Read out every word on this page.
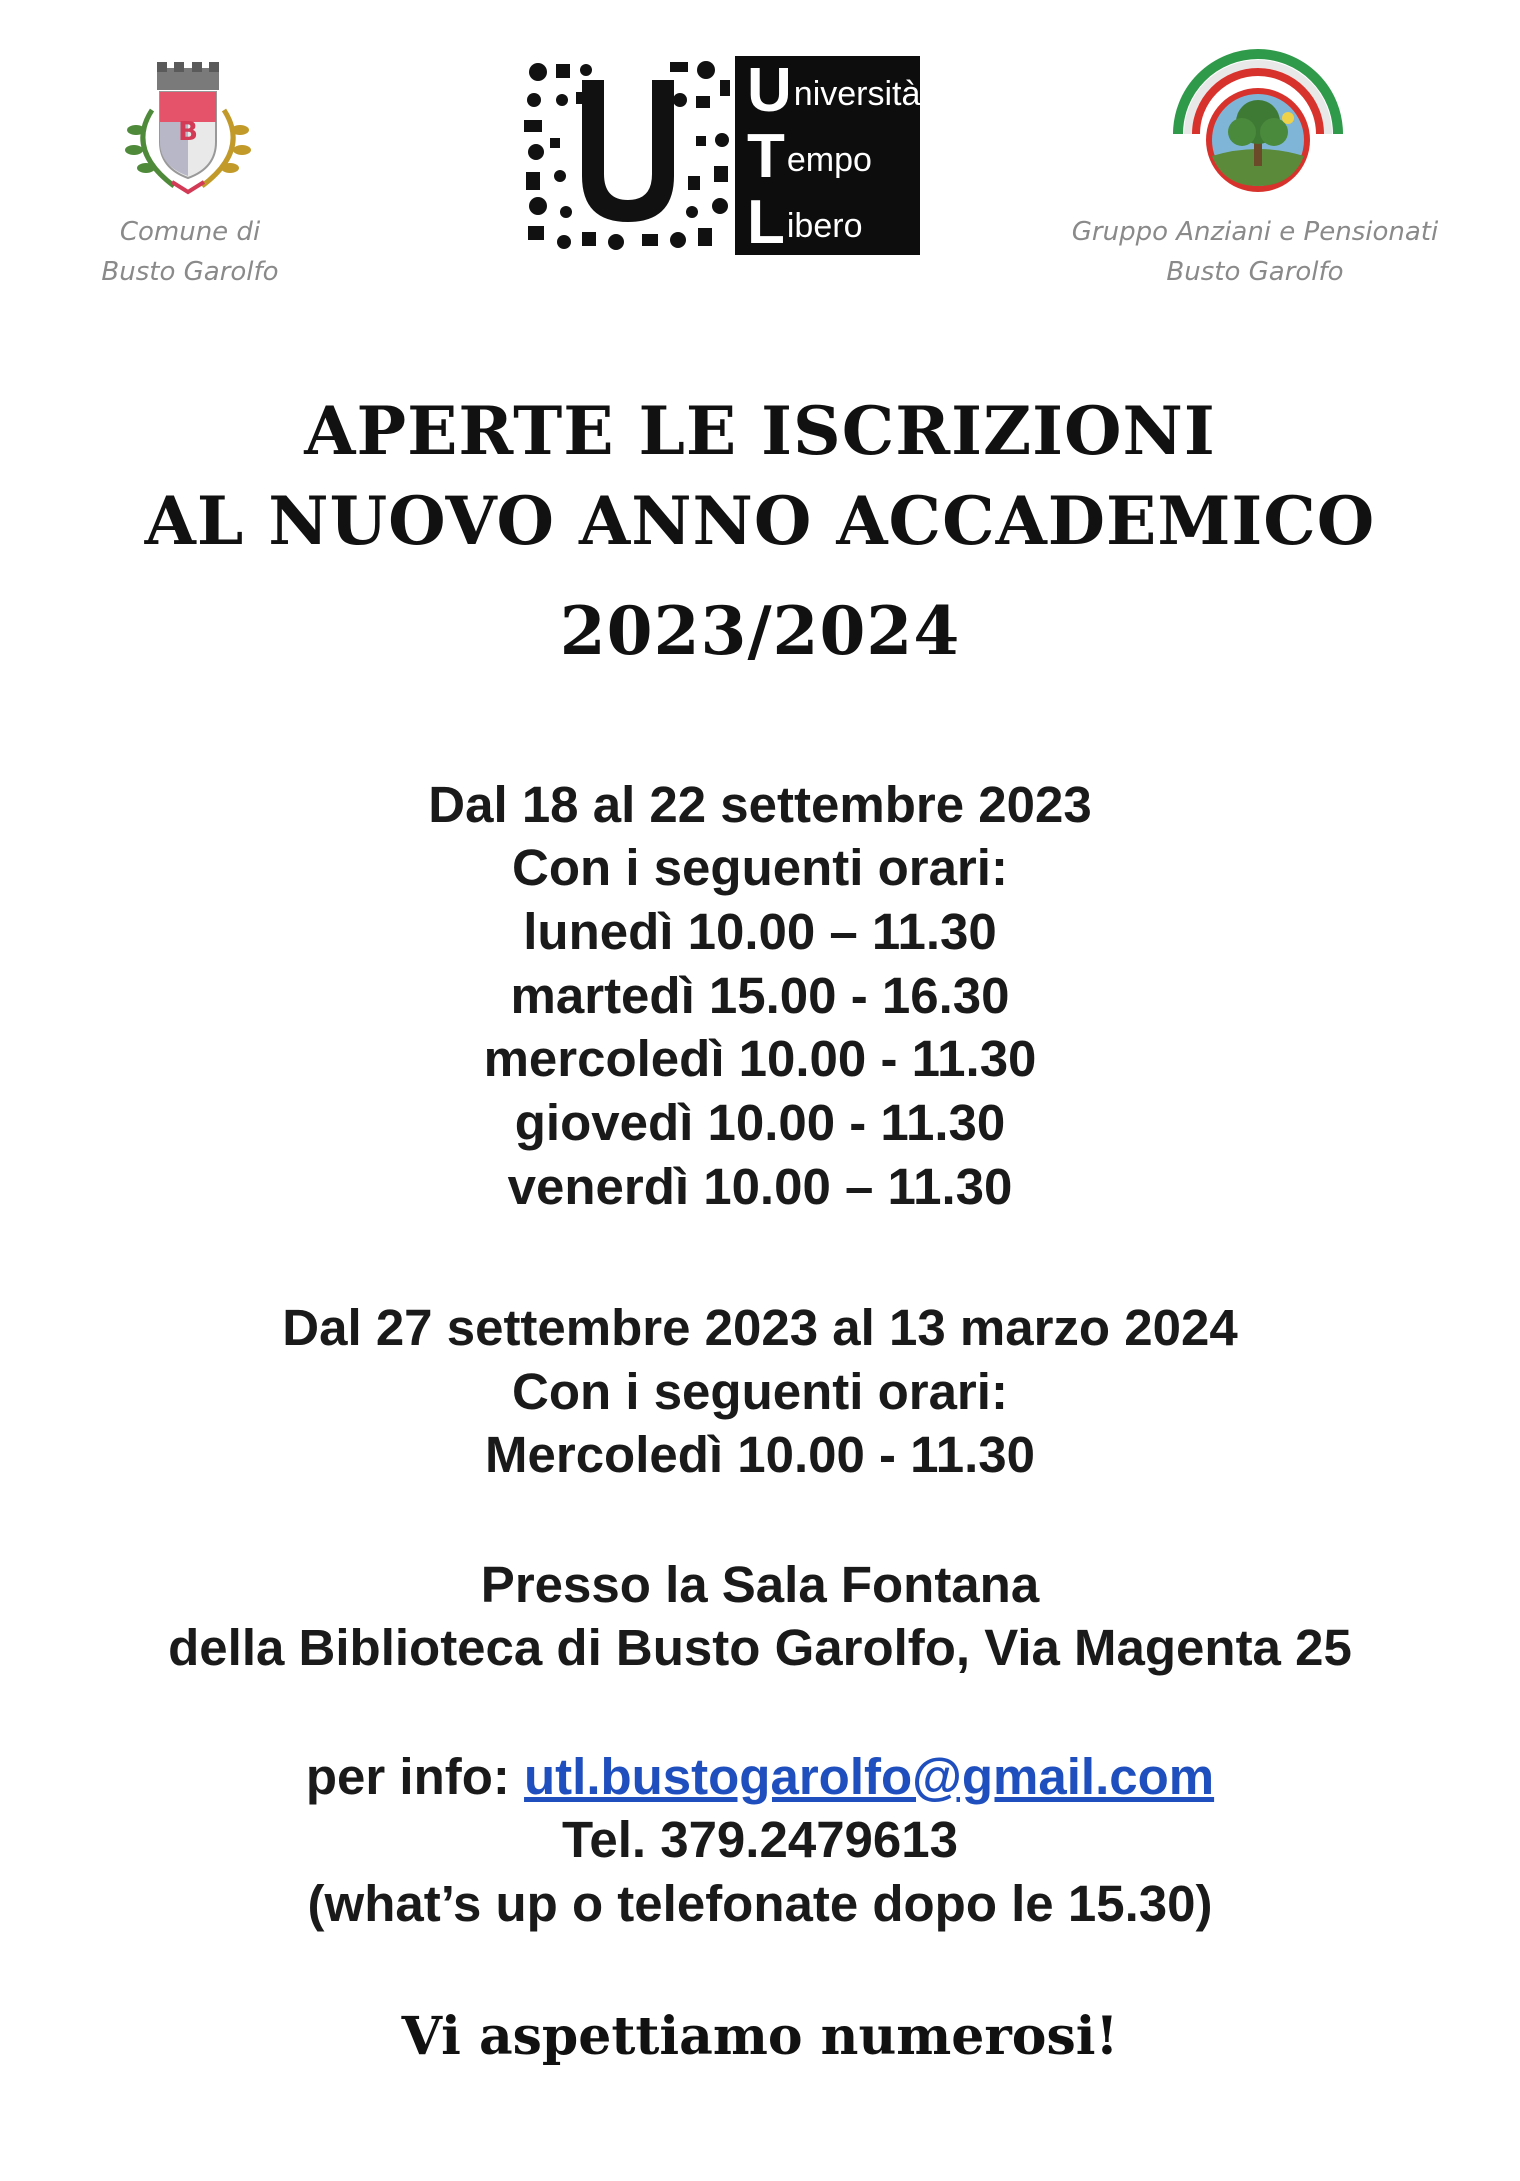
B
Comune di
Busto Garolfo
Università
Tempo
Libero	Gruppo Anziani e Pensionati
Busto Garolfo
APERTE LE ISCRIZIONI
AL NUOVO ANNO ACCADEMICO
2023/2024
Dal 18 al 22 settembre 2023
Con i seguenti orari:
lunedì 10.00 – 11.30
martedì 15.00 - 16.30
mercoledì 10.00 - 11.30
giovedì 10.00 - 11.30
venerdì 10.00 – 11.30
Dal 27 settembre 2023 al 13 marzo 2024
Con i seguenti orari:
Mercoledì 10.00 - 11.30
Presso la Sala Fontana
della Biblioteca di Busto Garolfo, Via Magenta 25
per info: utl.bustogarolfo@gmail.com
Tel. 379.2479613
(what’s up o telefonate dopo le 15.30)
Vi aspettiamo numerosi!
